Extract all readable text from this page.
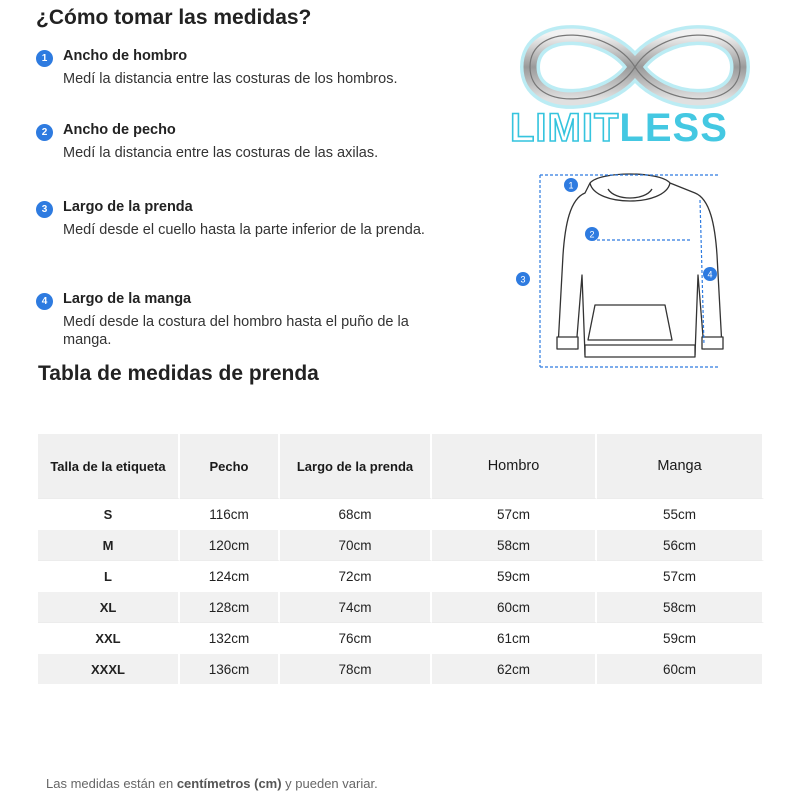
¿Cómo tomar las medidas?
1	Ancho de hombro
Medí la distancia entre las costuras de los hombros.
2	Ancho de pecho
Medí la distancia entre las costuras de las axilas.
3	Largo de la prenda
Medí desde el cuello hasta la parte inferior de la prenda.
4	Largo de la manga
Medí desde la costura del hombro hasta el puño de la manga.
LIMITLESS
1
2
3	4
Tabla de medidas de prenda
Talla de la etiqueta	Pecho	Largo de la prenda	Hombro	Manga
S	116cm	68cm	57cm	55cm
M	120cm	70cm	58cm	56cm
L	124cm	72cm	59cm	57cm
XL	128cm	74cm	60cm	58cm
XXL	132cm	76cm	61cm	59cm
XXXL	136cm	78cm	62cm	60cm
Las medidas están en centímetros (cm) y pueden variar.
